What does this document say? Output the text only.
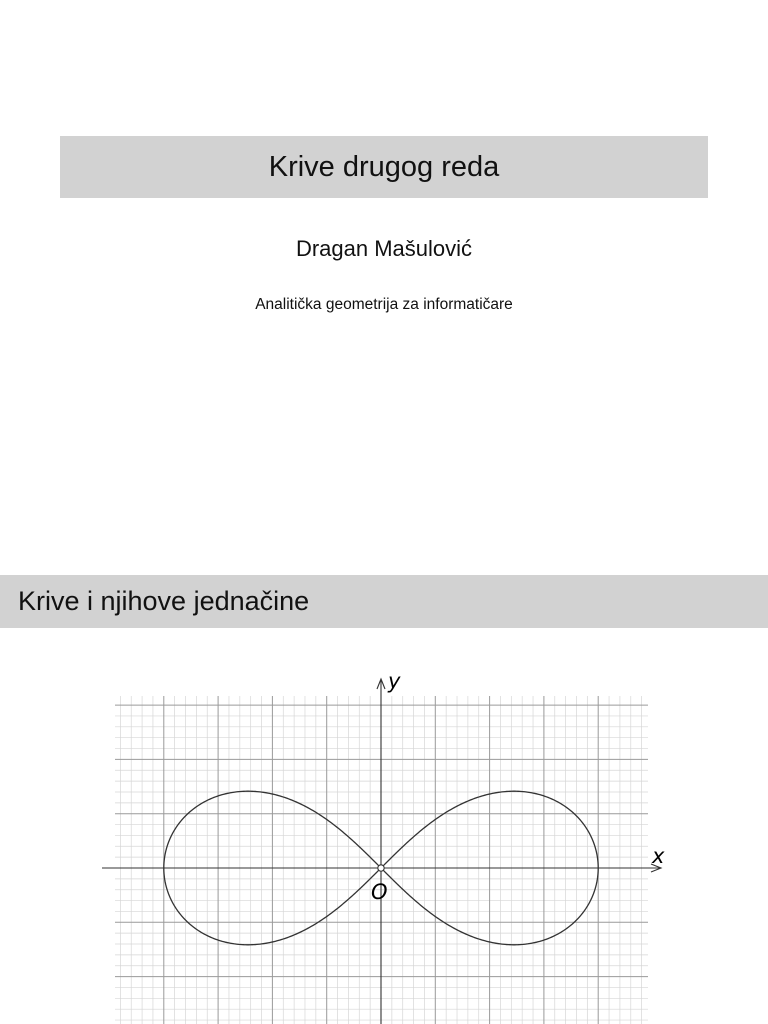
Krive drugog reda
Dragan Mašulović
Analitička geometrija za informatičare
Krive i njihove jednačine
x
y
O
